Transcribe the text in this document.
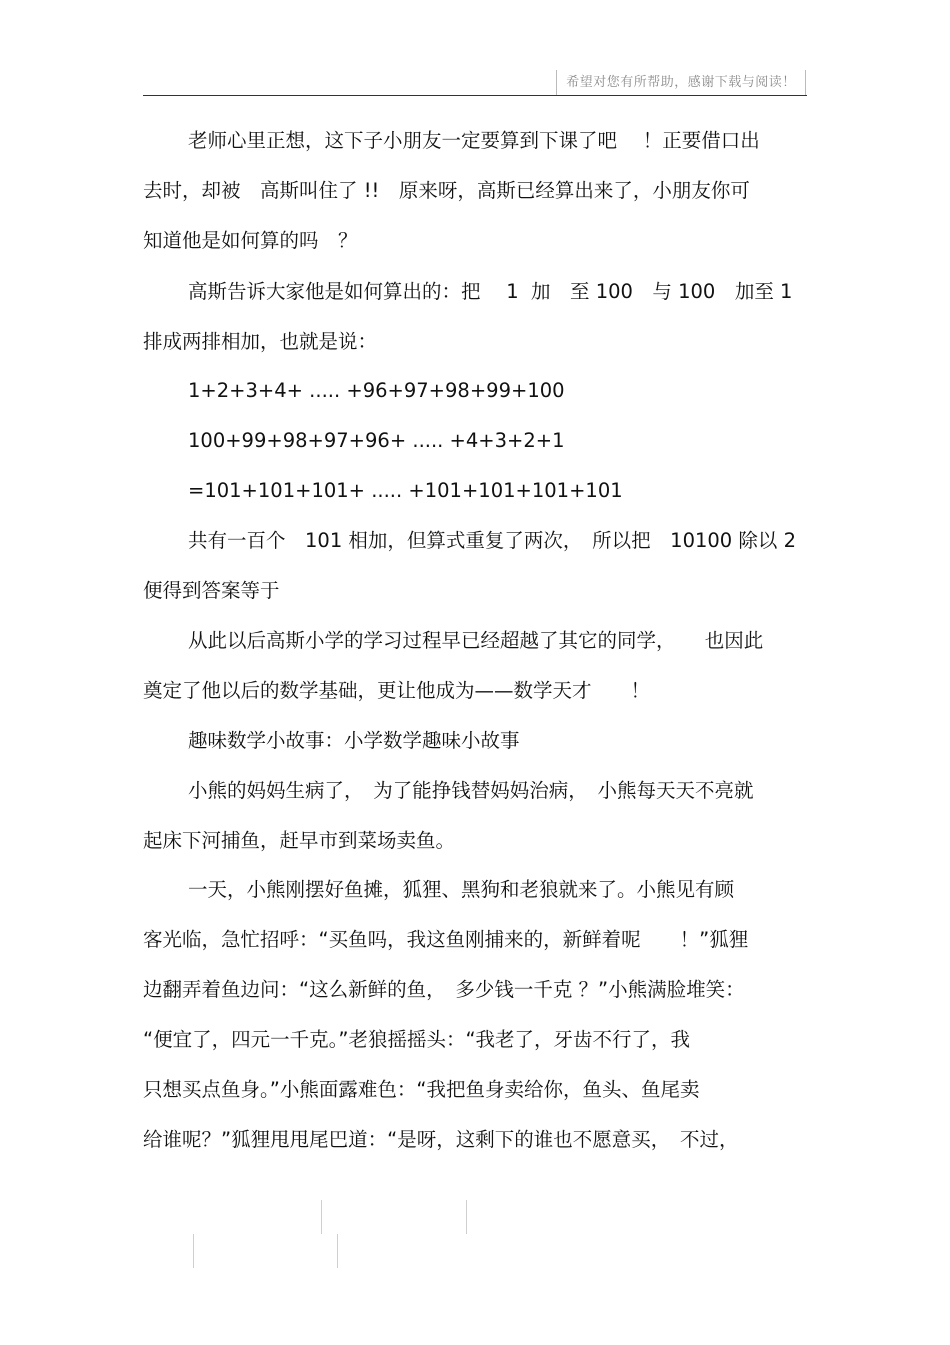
希望对您有所帮助，感谢下载与阅读！
老师心里正想，这下子小朋友一定要算到下课了吧　 ！正要借口出
去时，却被　高斯叫住了 !!　原来呀，高斯已经算出来了，小朋友你可
知道他是如何算的吗　？
高斯告诉大家他是如何算出的：把　 1  加　至 100　与 100　加至 1
排成两排相加，也就是说：
1+2+3+4+ ..... +96+97+98+99+100
100+99+98+97+96+ ..... +4+3+2+1
=101+101+101+ ..... +101+101+101+101
共有一百个　101 相加，但算式重复了两次，　所以把　10100 除以 2
便得到答案等于
从此以后高斯小学的学习过程早已经超越了其它的同学，　　也因此
奠定了他以后的数学基础，更让他成为——数学天才　　！
趣味数学小故事：小学数学趣味小故事
小熊的妈妈生病了，　为了能挣钱替妈妈治病，　小熊每天天不亮就
起床下河捕鱼，赶早市到菜场卖鱼。
一天，小熊刚摆好鱼摊，狐狸、黑狗和老狼就来了。小熊见有顾
客光临，急忙招呼：“买鱼吗，我这鱼刚捕来的，新鲜着呢　　！”狐狸
边翻弄着鱼边问：“这么新鲜的鱼，　多少钱一千克 ？”小熊满脸堆笑：
“便宜了，四元一千克。”老狼摇摇头：“我老了，牙齿不行了，我
只想买点鱼身。”小熊面露难色：“我把鱼身卖给你，鱼头、鱼尾卖
给谁呢？”狐狸甩甩尾巴道：“是呀，这剩下的谁也不愿意买，　不过，
